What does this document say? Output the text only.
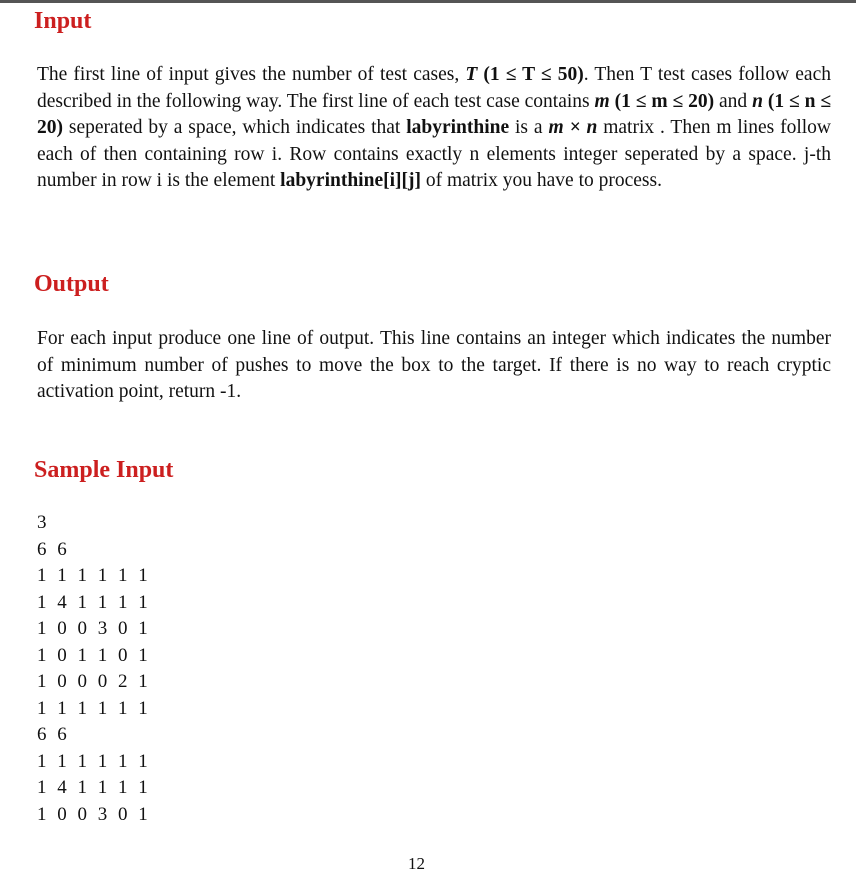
Input

The first line of input gives the number of test cases, T (1 ≤ T ≤ 50). Then T test cases follow each described in the following way. The first line of each test case contains m (1 ≤ m ≤ 20) and n (1 ≤ n ≤ 20) seperated by a space, which indicates that labyrinthine is a m × n matrix . Then m lines follow each of then containing row i. Row contains exactly n elements integer seperated by a space. j-th number in row i is the element labyrinthine[i][j] of matrix you have to process.

Output

For each input produce one line of output. This line contains an integer which indicates the number of minimum number of pushes to move the box to the target. If there is no way to reach cryptic activation point, return -1.

Sample Input
3
6 6
1 1 1 1 1 1
1 4 1 1 1 1
1 0 0 3 0 1
1 0 1 1 0 1
1 0 0 0 2 1
1 1 1 1 1 1
6 6
1 1 1 1 1 1
1 4 1 1 1 1
1 0 0 3 0 1
12
